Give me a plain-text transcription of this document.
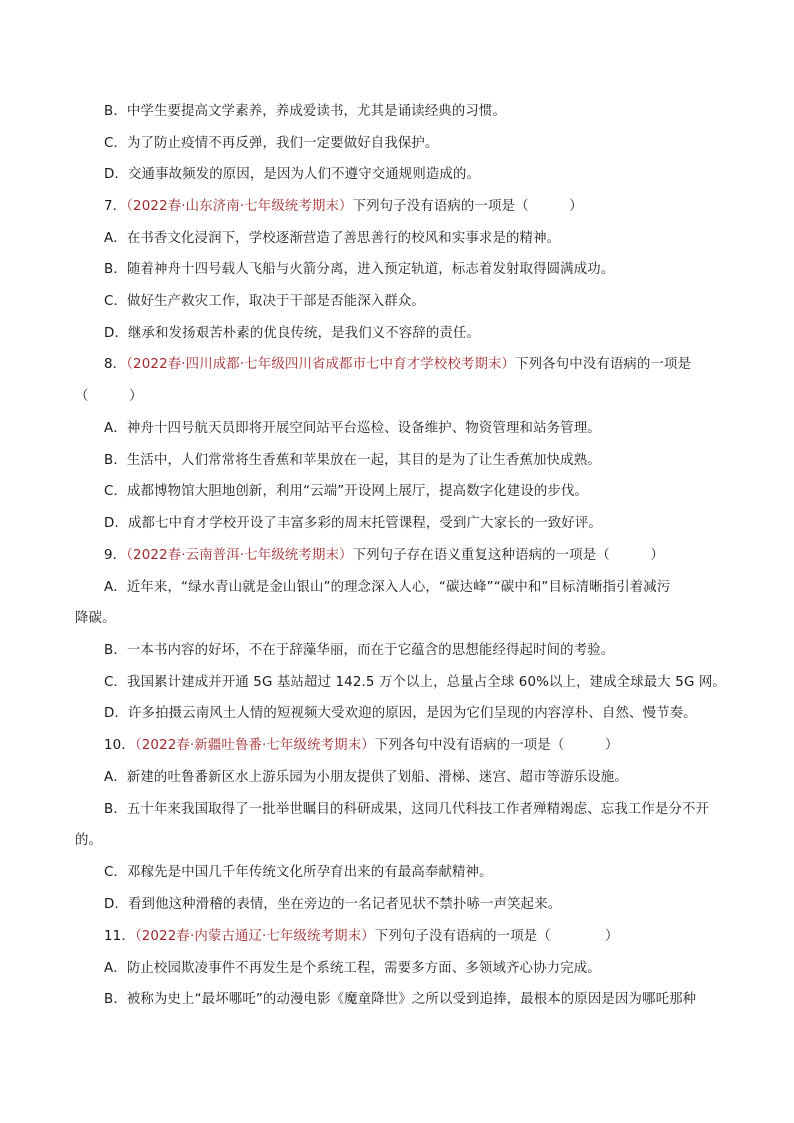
B．中学生要提高文学素养，养成爱读书，尤其是诵读经典的习惯。
C．为了防止疫情不再反弹，我们一定要做好自我保护。
D．交通事故频发的原因，是因为人们不遵守交通规则造成的。
7．（2022春·山东济南·七年级统考期末）下列句子没有语病的一项是（　　　）
A．在书香文化浸润下，学校逐渐营造了善思善行的校风和实事求是的精神。
B．随着神舟十四号载人飞船与火箭分离，进入预定轨道，标志着发射取得圆满成功。
C．做好生产救灾工作，取决于干部是否能深入群众。
D．继承和发扬艰苦朴素的优良传统，是我们义不容辞的责任。
8．（2022春·四川成都·七年级四川省成都市七中育才学校校考期末）下列各句中没有语病的一项是
（　　　）
A．神舟十四号航天员即将开展空间站平台巡检、设备维护、物资管理和站务管理。
B．生活中，人们常常将生香蕉和苹果放在一起，其目的是为了让生香蕉加快成熟。
C．成都博物馆大胆地创新，利用“云端”开设网上展厅，提高数字化建设的步伐。
D．成都七中育才学校开设了丰富多彩的周末托管课程，受到广大家长的一致好评。
9．（2022春·云南普洱·七年级统考期末）下列句子存在语义重复这种语病的一项是（　　　）
A．近年来，“绿水青山就是金山银山”的理念深入人心，“碳达峰”“碳中和”目标清晰指引着减污
降碳。
B．一本书内容的好坏，不在于辞藻华丽，而在于它蕴含的思想能经得起时间的考验。
C．我国累计建成并开通 5G 基站超过 142.5 万个以上，总量占全球 60%以上，建成全球最大 5G 网。
D．许多拍摄云南风土人情的短视频大受欢迎的原因，是因为它们呈现的内容淳朴、自然、慢节奏。
10．（2022春·新疆吐鲁番·七年级统考期末）下列各句中没有语病的一项是（　　　）
A．新建的吐鲁番新区水上游乐园为小朋友提供了划船、滑梯、迷宫、超市等游乐设施。
B．五十年来我国取得了一批举世瞩目的科研成果，这同几代科技工作者殚精竭虑、忘我工作是分不开
的。
C．邓稼先是中国几千年传统文化所孕育出来的有最高奉献精神。
D．看到他这种滑稽的表情，坐在旁边的一名记者见状不禁扑哧一声笑起来。
11．（2022春·内蒙古通辽·七年级统考期末）下列句子没有语病的一项是（　　　　）
A．防止校园欺凌事件不再发生是个系统工程，需要多方面、多领域齐心协力完成。
B．被称为史上“最坏哪吒”的动漫电影《魔童降世》之所以受到追捧，最根本的原因是因为哪吒那种
